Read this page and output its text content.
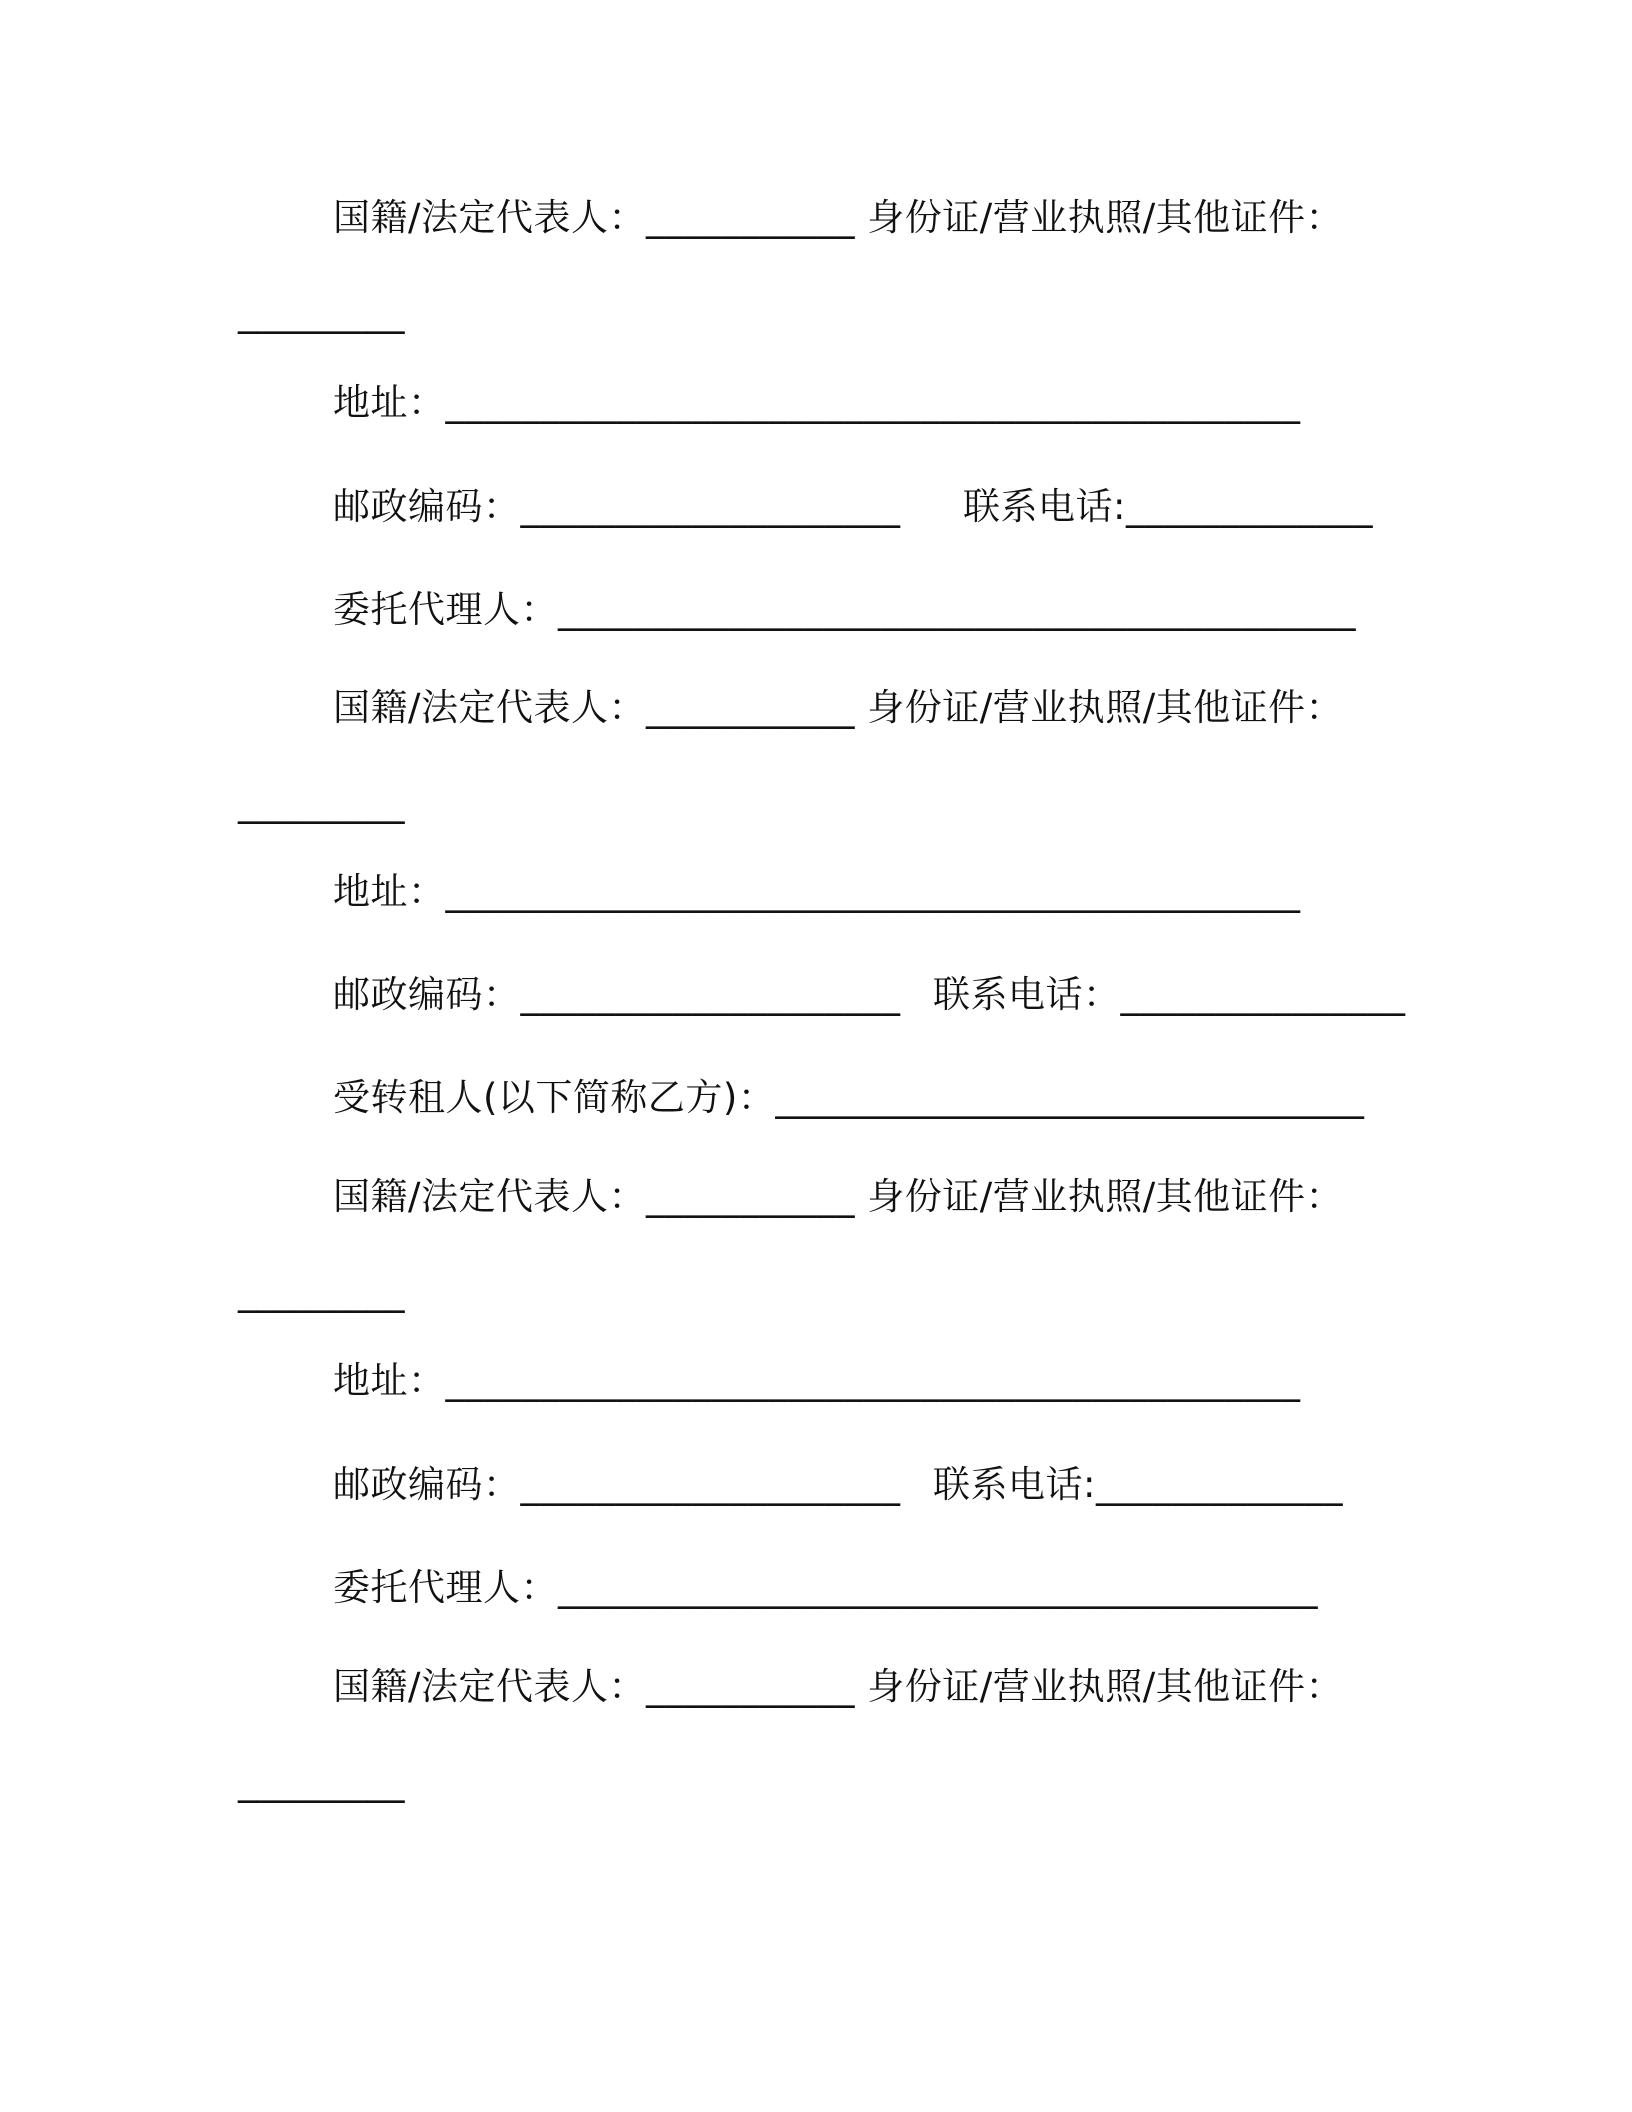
国籍/法定代表人：___________ 身份证/营业执照/其他证件：
_________
地址：_____________________________________________
邮政编码：____________________ 联系电话:_____________
委托代理人：__________________________________________
国籍/法定代表人：___________ 身份证/营业执照/其他证件：
_________
地址：_____________________________________________
邮政编码：____________________ 联系电话：_______________
受转租人(以下简称乙方)：_______________________________
国籍/法定代表人：___________ 身份证/营业执照/其他证件：
_________
地址：_____________________________________________
邮政编码：____________________ 联系电话:_____________
委托代理人：________________________________________
国籍/法定代表人：___________ 身份证/营业执照/其他证件：
_________
